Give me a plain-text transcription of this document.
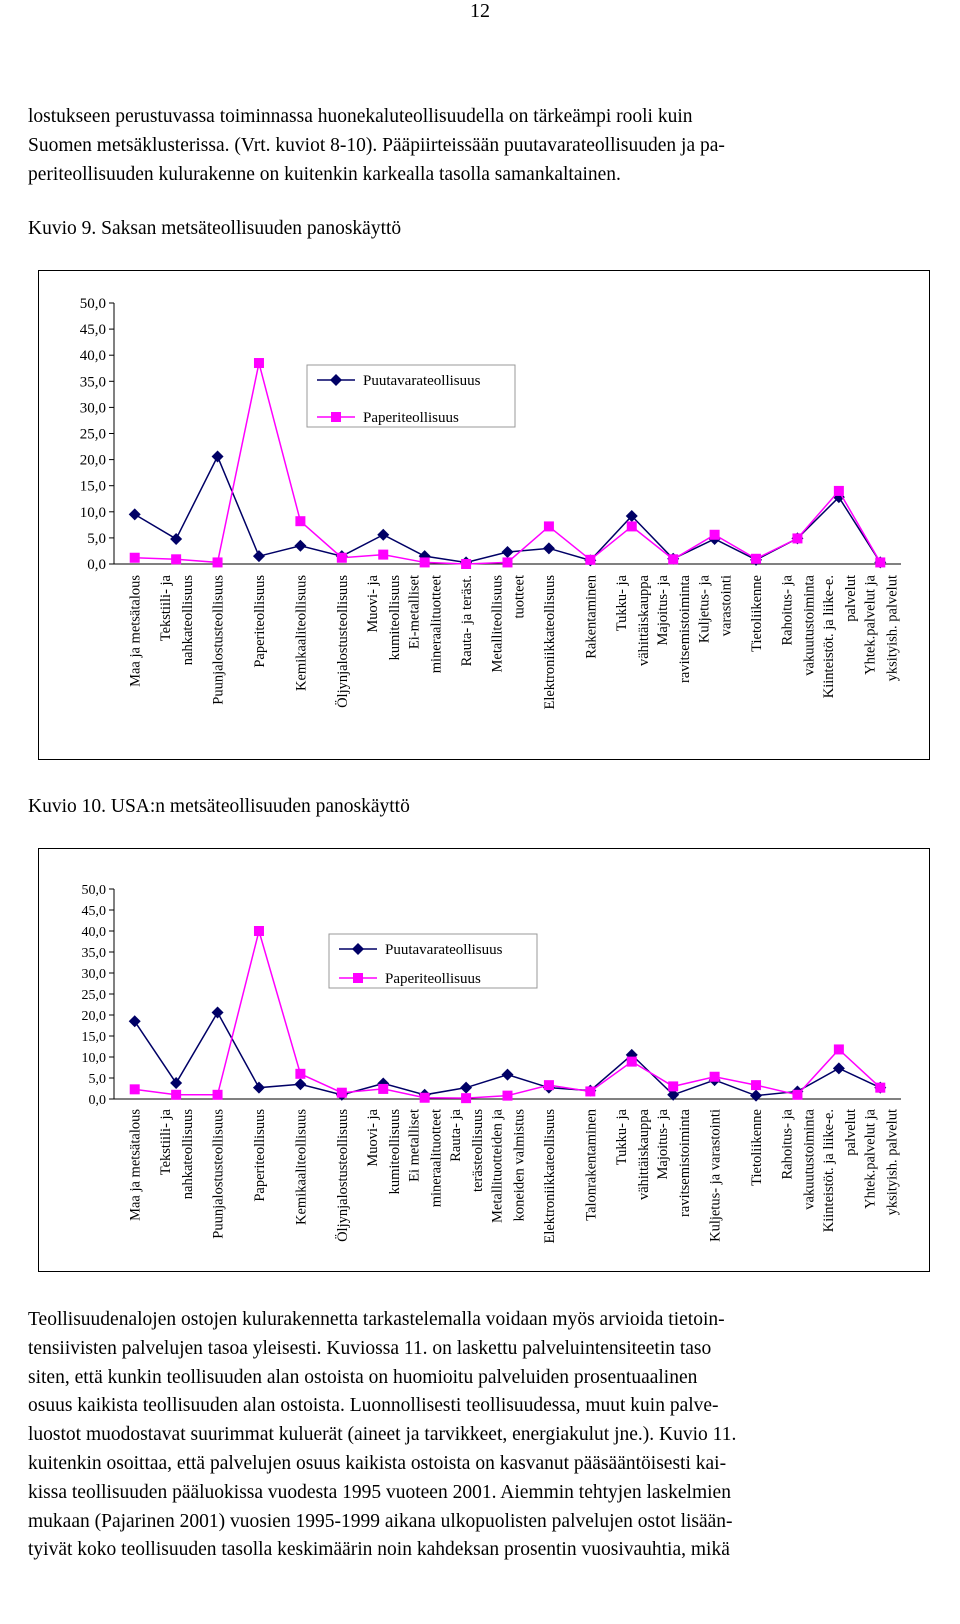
12

lostukseen perustuvassa toiminnassa huonekaluteollisuudella on tärkeämpi rooli kuin

Suomen metsäklusterissa. (Vrt. kuviot 8-10). Pääpiirteissään puutavarateollisuuden ja pa-

periteollisuuden kulurakenne on kuitenkin karkealla tasolla samankaltainen.

Kuvio 9. Saksan metsäteollisuuden panoskäyttö
50,0
45,0
40,0
35,0
30,0
25,0
20,0
15,0
10,0
5,0
0,0
Maa ja metsätalous Tekstiili- ja nahkateollisuus Puunjalostusteollisuus Paperiteollisuus Kemikaaliteollisuus Öljynjalostusteollisuus Muovi- ja kumiteollisuus Ei-metalliset mineraalituotteet Rauta- ja teräst. Metalliteollisuus tuotteet Elektroniikkateollisuus Rakentaminen Tukku- ja vähittäiskauppa Majoitus- ja ravitsemistoiminta Kuljetus- ja varastointi Tietoliikenne Rahoitus- ja vakuutustoiminta Kiinteistöt. ja liike-e. palvelut Yhtek.palvelut ja yksityish. palvelut
Puutavarateollisuus
Paperiteollisuus
Kuvio 10. USA:n metsäteollisuuden panoskäyttö
50,0
45,0
40,0
35,0
30,0
25,0
20,0
15,0
10,0
5,0
0,0
Maa ja metsätalous Tekstiili- ja nahkateollisuus Puunjalostusteollisuus Paperiteollisuus Kemikaaliteollisuus Öljynjalostusteollisuus Muovi- ja kumiteollisuus Ei metalliset mineraalituotteet Rauta- ja terästeollisuus Metallituotteiden ja koneiden valmistus Elektroniikkateollisuus Talonrakentaminen Tukku- ja vähittäiskauppa Majoitus- ja ravitsemistoiminta Kuljetus- ja varastointi Tietoliikenne Rahoitus- ja vakuutustoiminta Kiinteistöt. ja liike-e. palvelut Yhtek.palvelut ja yksityish. palvelut
Puutavarateollisuus
Paperiteollisuus

Teollisuudenalojen ostojen kulurakennetta tarkastelemalla voidaan myös arvioida tietoin-

tensiivisten palvelujen tasoa yleisesti. Kuviossa 11. on laskettu palveluintensiteetin taso

siten, että kunkin teollisuuden alan ostoista on huomioitu palveluiden prosentuaalinen

osuus kaikista teollisuuden alan ostoista. Luonnollisesti teollisuudessa, muut kuin palve-

luostot muodostavat suurimmat kuluerät (aineet ja tarvikkeet, energiakulut jne.). Kuvio 11.

kuitenkin osoittaa, että palvelujen osuus kaikista ostoista on kasvanut pääsääntöisesti kai-

kissa teollisuuden pääluokissa vuodesta 1995 vuoteen 2001. Aiemmin tehtyjen laskelmien

mukaan (Pajarinen 2001) vuosien 1995-1999 aikana ulkopuolisten palvelujen ostot lisään-

tyivät koko teollisuuden tasolla keskimäärin noin kahdeksan prosentin vuosivauhtia, mikä
